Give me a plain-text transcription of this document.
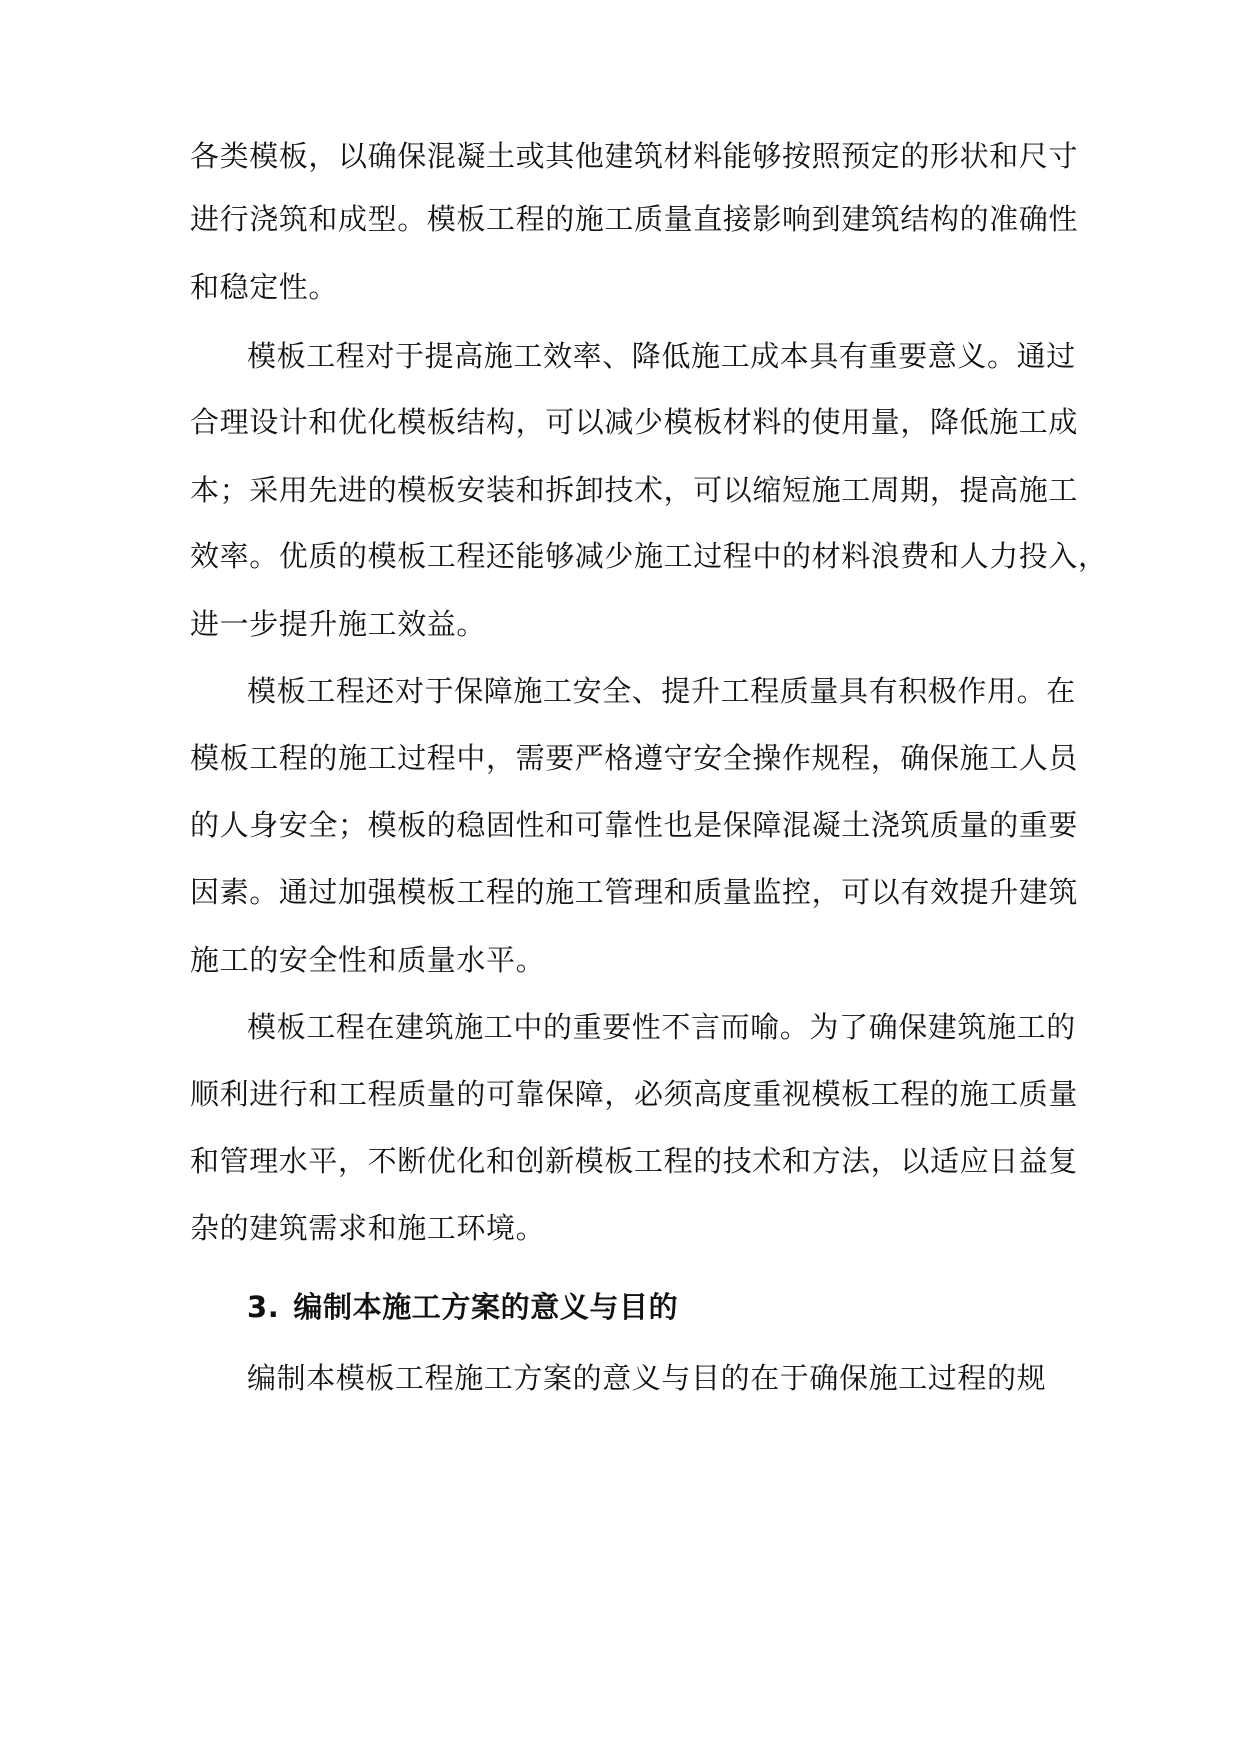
各类模板，以确保混凝土或其他建筑材料能够按照预定的形状和尺寸
进行浇筑和成型。模板工程的施工质量直接影响到建筑结构的准确性
和稳定性。
模板工程对于提高施工效率、降低施工成本具有重要意义。通过
合理设计和优化模板结构，可以减少模板材料的使用量，降低施工成
本；采用先进的模板安装和拆卸技术，可以缩短施工周期，提高施工
效率。优质的模板工程还能够减少施工过程中的材料浪费和人力投入，
进一步提升施工效益。
模板工程还对于保障施工安全、提升工程质量具有积极作用。在
模板工程的施工过程中，需要严格遵守安全操作规程，确保施工人员
的人身安全；模板的稳固性和可靠性也是保障混凝土浇筑质量的重要
因素。通过加强模板工程的施工管理和质量监控，可以有效提升建筑
施工的安全性和质量水平。
模板工程在建筑施工中的重要性不言而喻。为了确保建筑施工的
顺利进行和工程质量的可靠保障，必须高度重视模板工程的施工质量
和管理水平，不断优化和创新模板工程的技术和方法，以适应日益复
杂的建筑需求和施工环境。
3. 编制本施工方案的意义与目的
编制本模板工程施工方案的意义与目的在于确保施工过程的规
